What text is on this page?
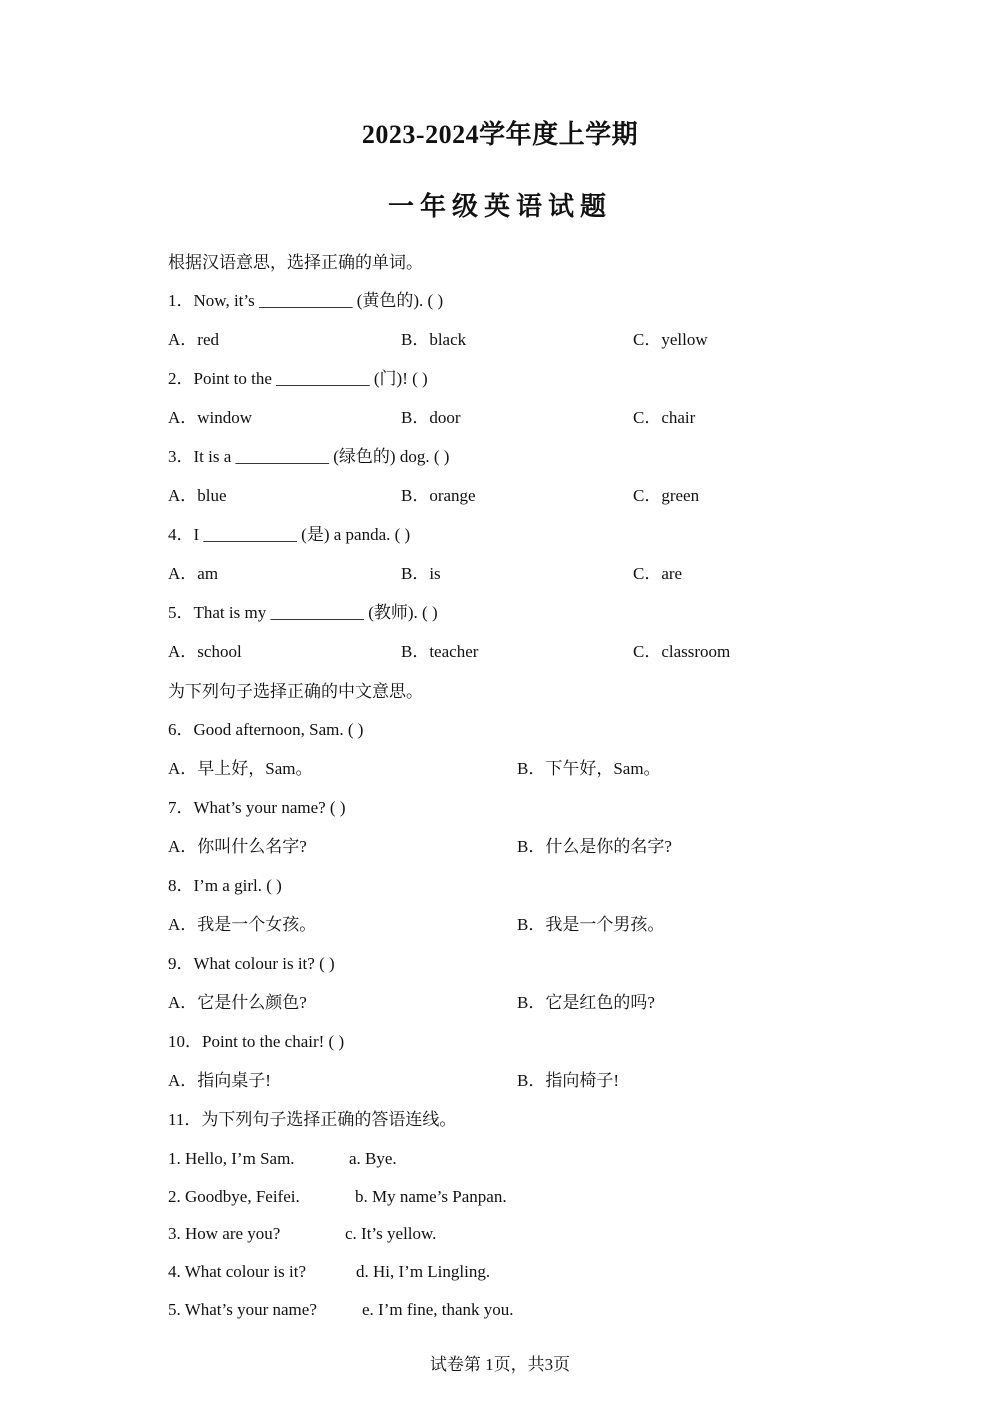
2023-2024学年度上学期
一年级英语试题
根据汉语意思，选择正确的单词。
1．Now, it’s ___________ (黄色的). ( )
A．red	B．black	C．yellow
2．Point to the ___________ (门)! ( )
A．window	B．door	C．chair
3．It is a ___________ (绿色的) dog. ( )
A．blue	B．orange	C．green
4．I ___________ (是) a panda. ( )
A．am	B．is	C．are
5．That is my ___________ (教师). ( )
A．school	B．teacher	C．classroom
为下列句子选择正确的中文意思。
6．Good afternoon, Sam. ( )
A．早上好，Sam。	B．下午好，Sam。
7．What’s your name? ( )
A．你叫什么名字?	B．什么是你的名字?
8．I’m a girl. ( )
A．我是一个女孩。	B．我是一个男孩。
9．What colour is it? ( )
A．它是什么颜色?	B．它是红色的吗?
10．Point to the chair! ( )
A．指向桌子!	B．指向椅子!
11．为下列句子选择正确的答语连线。
1. Hello, I’m Sam.	a. Bye.
2. Goodbye, Feifei.	b. My name’s Panpan.
3. How are you?	c. It’s yellow.
4. What colour is it?	d. Hi, I’m Lingling.
5. What’s your name?	e. I’m fine, thank you.
试卷第 1页，共3页
